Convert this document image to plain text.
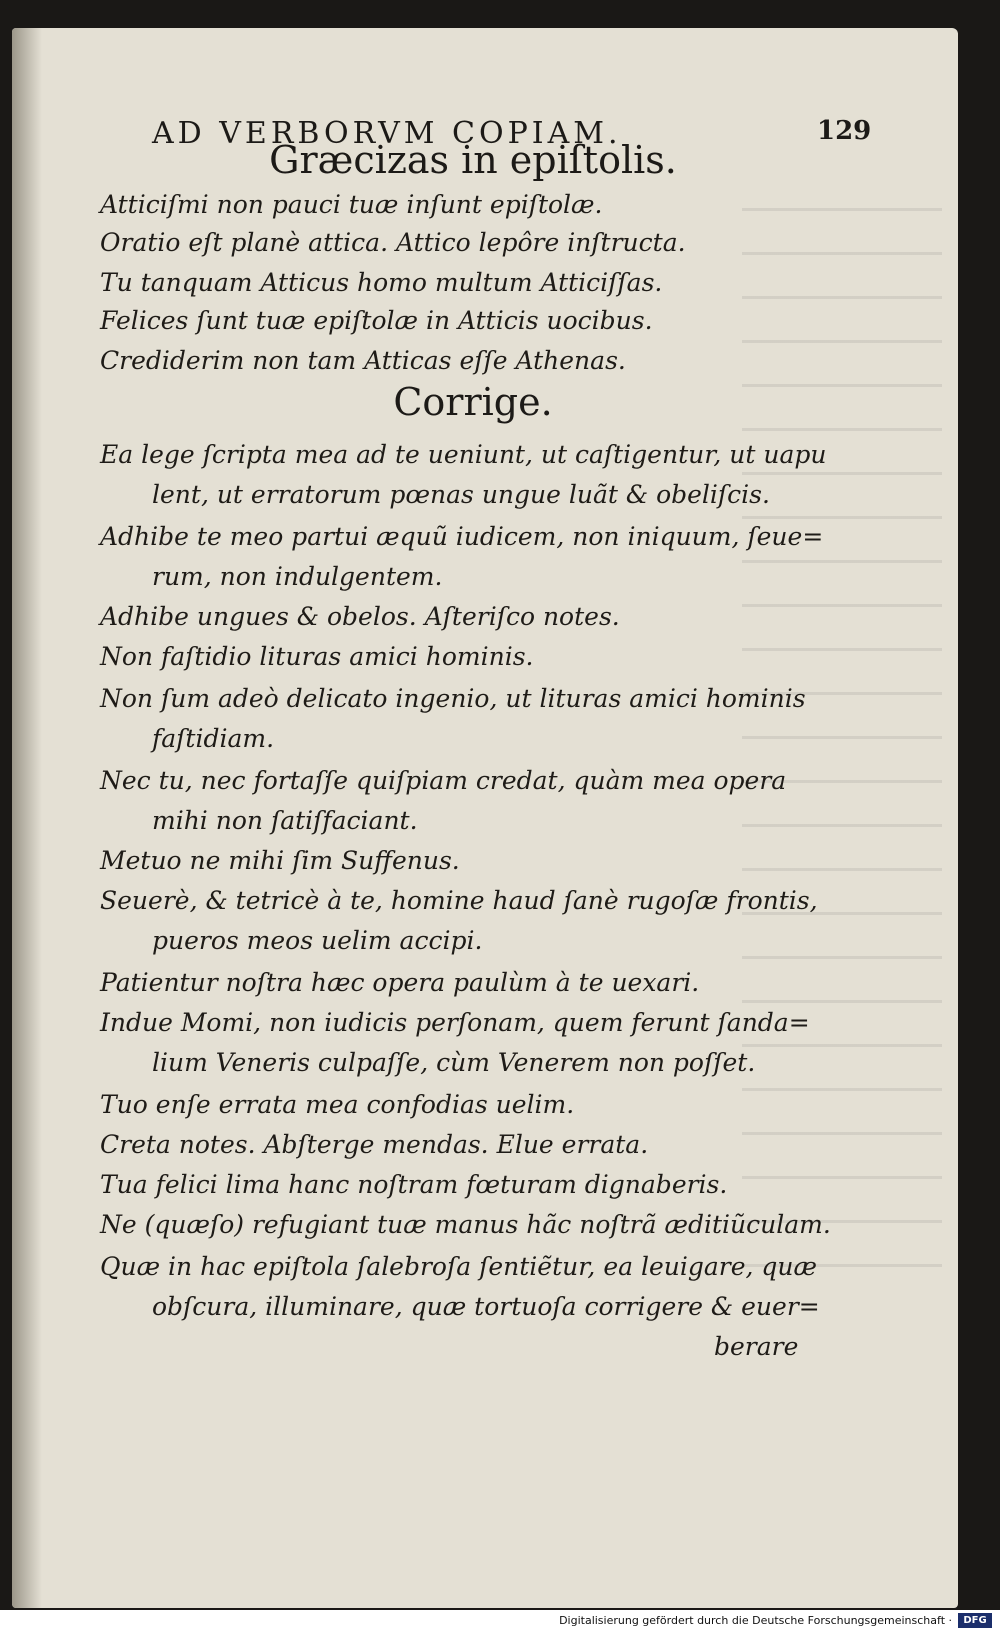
AD VERBORVM COPIAM.	129
Græcizas in epiſtolis.
Atticiſmi non pauci tuæ inſunt epiſtolæ.
Oratio eſt planè attica. Attico lepôre inſtructa.
Tu tanquam Atticus homo multum Atticiſſas.
Felices ſunt tuæ epiſtolæ in Atticis uocibus.
Crediderim non tam Atticas eſſe Athenas.
Corrige.
Ea lege ſcripta mea ad te ueniunt, ut caſtigentur, ut uapu
lent, ut erratorum pœnas ungue luãt & obeliſcis.
Adhibe te meo partui æquũ iudicem, non iniquum, ſeue=
rum, non indulgentem.
Adhibe ungues & obelos. Aſteriſco notes.
Non faſtidio lituras amici hominis.
Non ſum adeò delicato ingenio, ut lituras amici hominis
faſtidiam.
Nec tu, nec fortaſſe quiſpiam credat, quàm mea opera
mihi non ſatiſfaciant.
Metuo ne mihi ſim Suffenus.
Seuerè, & tetricè à te, homine haud ſanè rugoſæ frontis,
pueros meos uelim accipi.
Patientur noſtra hæc opera paulùm à te uexari.
Indue Momi, non iudicis perſonam, quem ferunt ſanda=
lium Veneris culpaſſe, cùm Venerem non poſſet.
Tuo enſe errata mea confodias uelim.
Creta notes. Abſterge mendas. Elue errata.
Tua felici lima hanc noſtram fœturam dignaberis.
Ne (quæſo) refugiant tuæ manus hãc noſtrã æditiũculam.
Quæ in hac epiſtola ſalebroſa ſentiẽtur, ea leuigare, quæ
obſcura, illuminare, quæ tortuoſa corrigere & euer=
berare
Digitalisierung gefördert durch die Deutsche Forschungsgemeinschaft ·	DFG
